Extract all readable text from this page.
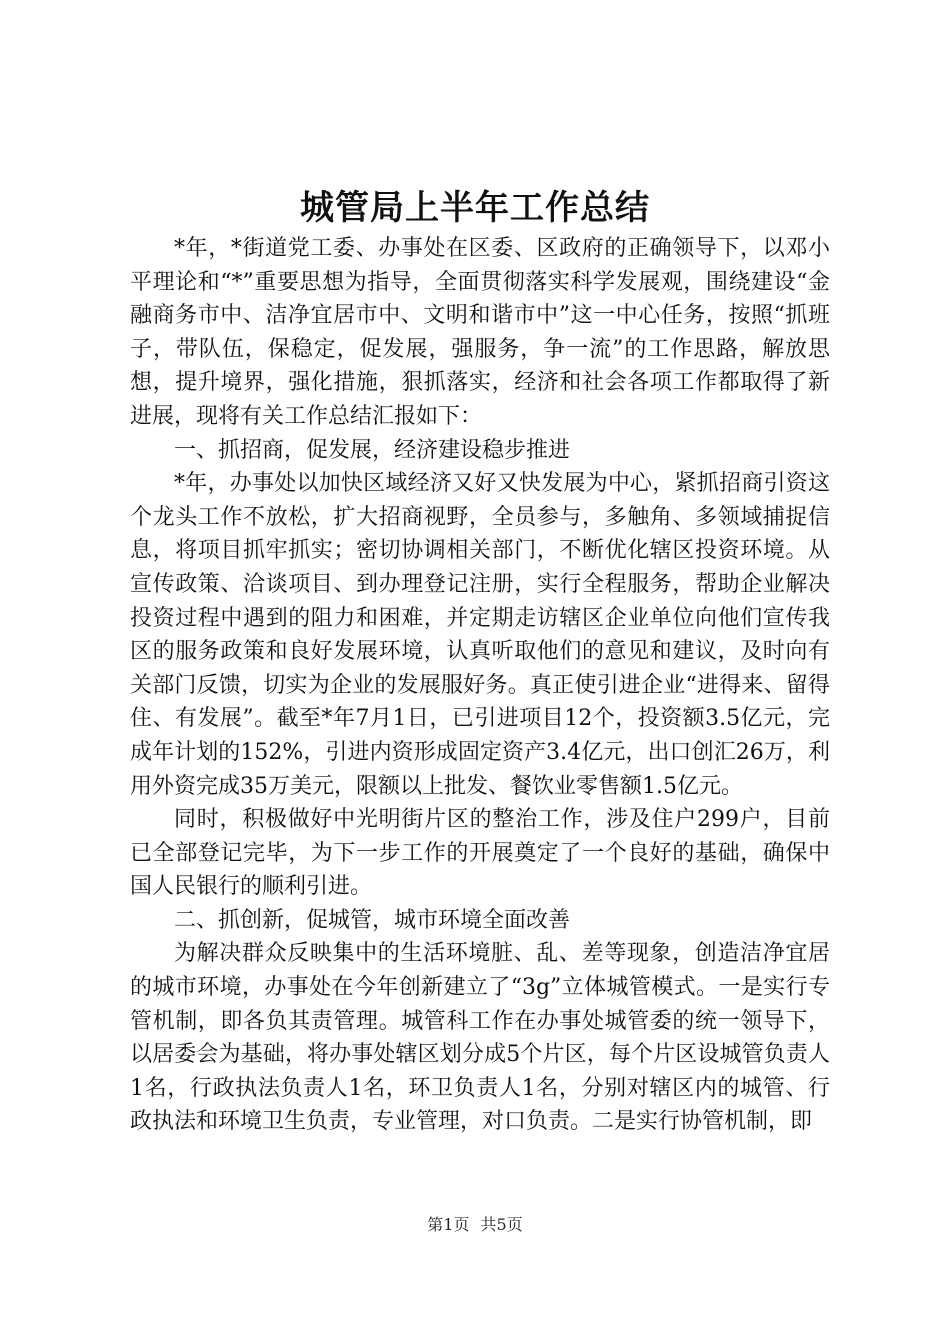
城管局上半年工作总结

*年，*街道党工委、办事处在区委、区政府的正确领导下，以邓小平理论和“*”重要思想为指导，全面贯彻落实科学发展观，围绕建设“金融商务市中、洁净宜居市中、文明和谐市中”这一中心任务，按照“抓班子，带队伍，保稳定，促发展，强服务，争一流”的工作思路，解放思想，提升境界，强化措施，狠抓落实，经济和社会各项工作都取得了新进展，现将有关工作总结汇报如下：

一、抓招商，促发展，经济建设稳步推进

*年，办事处以加快区域经济又好又快发展为中心，紧抓招商引资这个龙头工作不放松，扩大招商视野，全员参与，多触角、多领域捕捉信息，将项目抓牢抓实；密切协调相关部门，不断优化辖区投资环境。从宣传政策、洽谈项目、到办理登记注册，实行全程服务，帮助企业解决投资过程中遇到的阻力和困难，并定期走访辖区企业单位向他们宣传我区的服务政策和良好发展环境，认真听取他们的意见和建议，及时向有关部门反馈，切实为企业的发展服好务。真正使引进企业“进得来、留得住、有发展”。截至*年7月1日，已引进项目12个，投资额3.5亿元，完成年计划的152%，引进内资形成固定资产3.4亿元，出口创汇26万，利用外资完成35万美元，限额以上批发、餐饮业零售额1.5亿元。

同时，积极做好中光明街片区的整治工作，涉及住户299户，目前已全部登记完毕，为下一步工作的开展奠定了一个良好的基础，确保中国人民银行的顺利引进。

二、抓创新，促城管，城市环境全面改善

为解决群众反映集中的生活环境脏、乱、差等现象，创造洁净宜居的城市环境，办事处在今年创新建立了“3g”立体城管模式。一是实行专管机制，即各负其责管理。城管科工作在办事处城管委的统一领导下，以居委会为基础，将办事处辖区划分成5个片区，每个片区设城管负责人1名，行政执法负责人1名，环卫负责人1名，分别对辖区内的城管、行政执法和环境卫生负责，专业管理，对口负责。二是实行协管机制，即

第1页 共5页
